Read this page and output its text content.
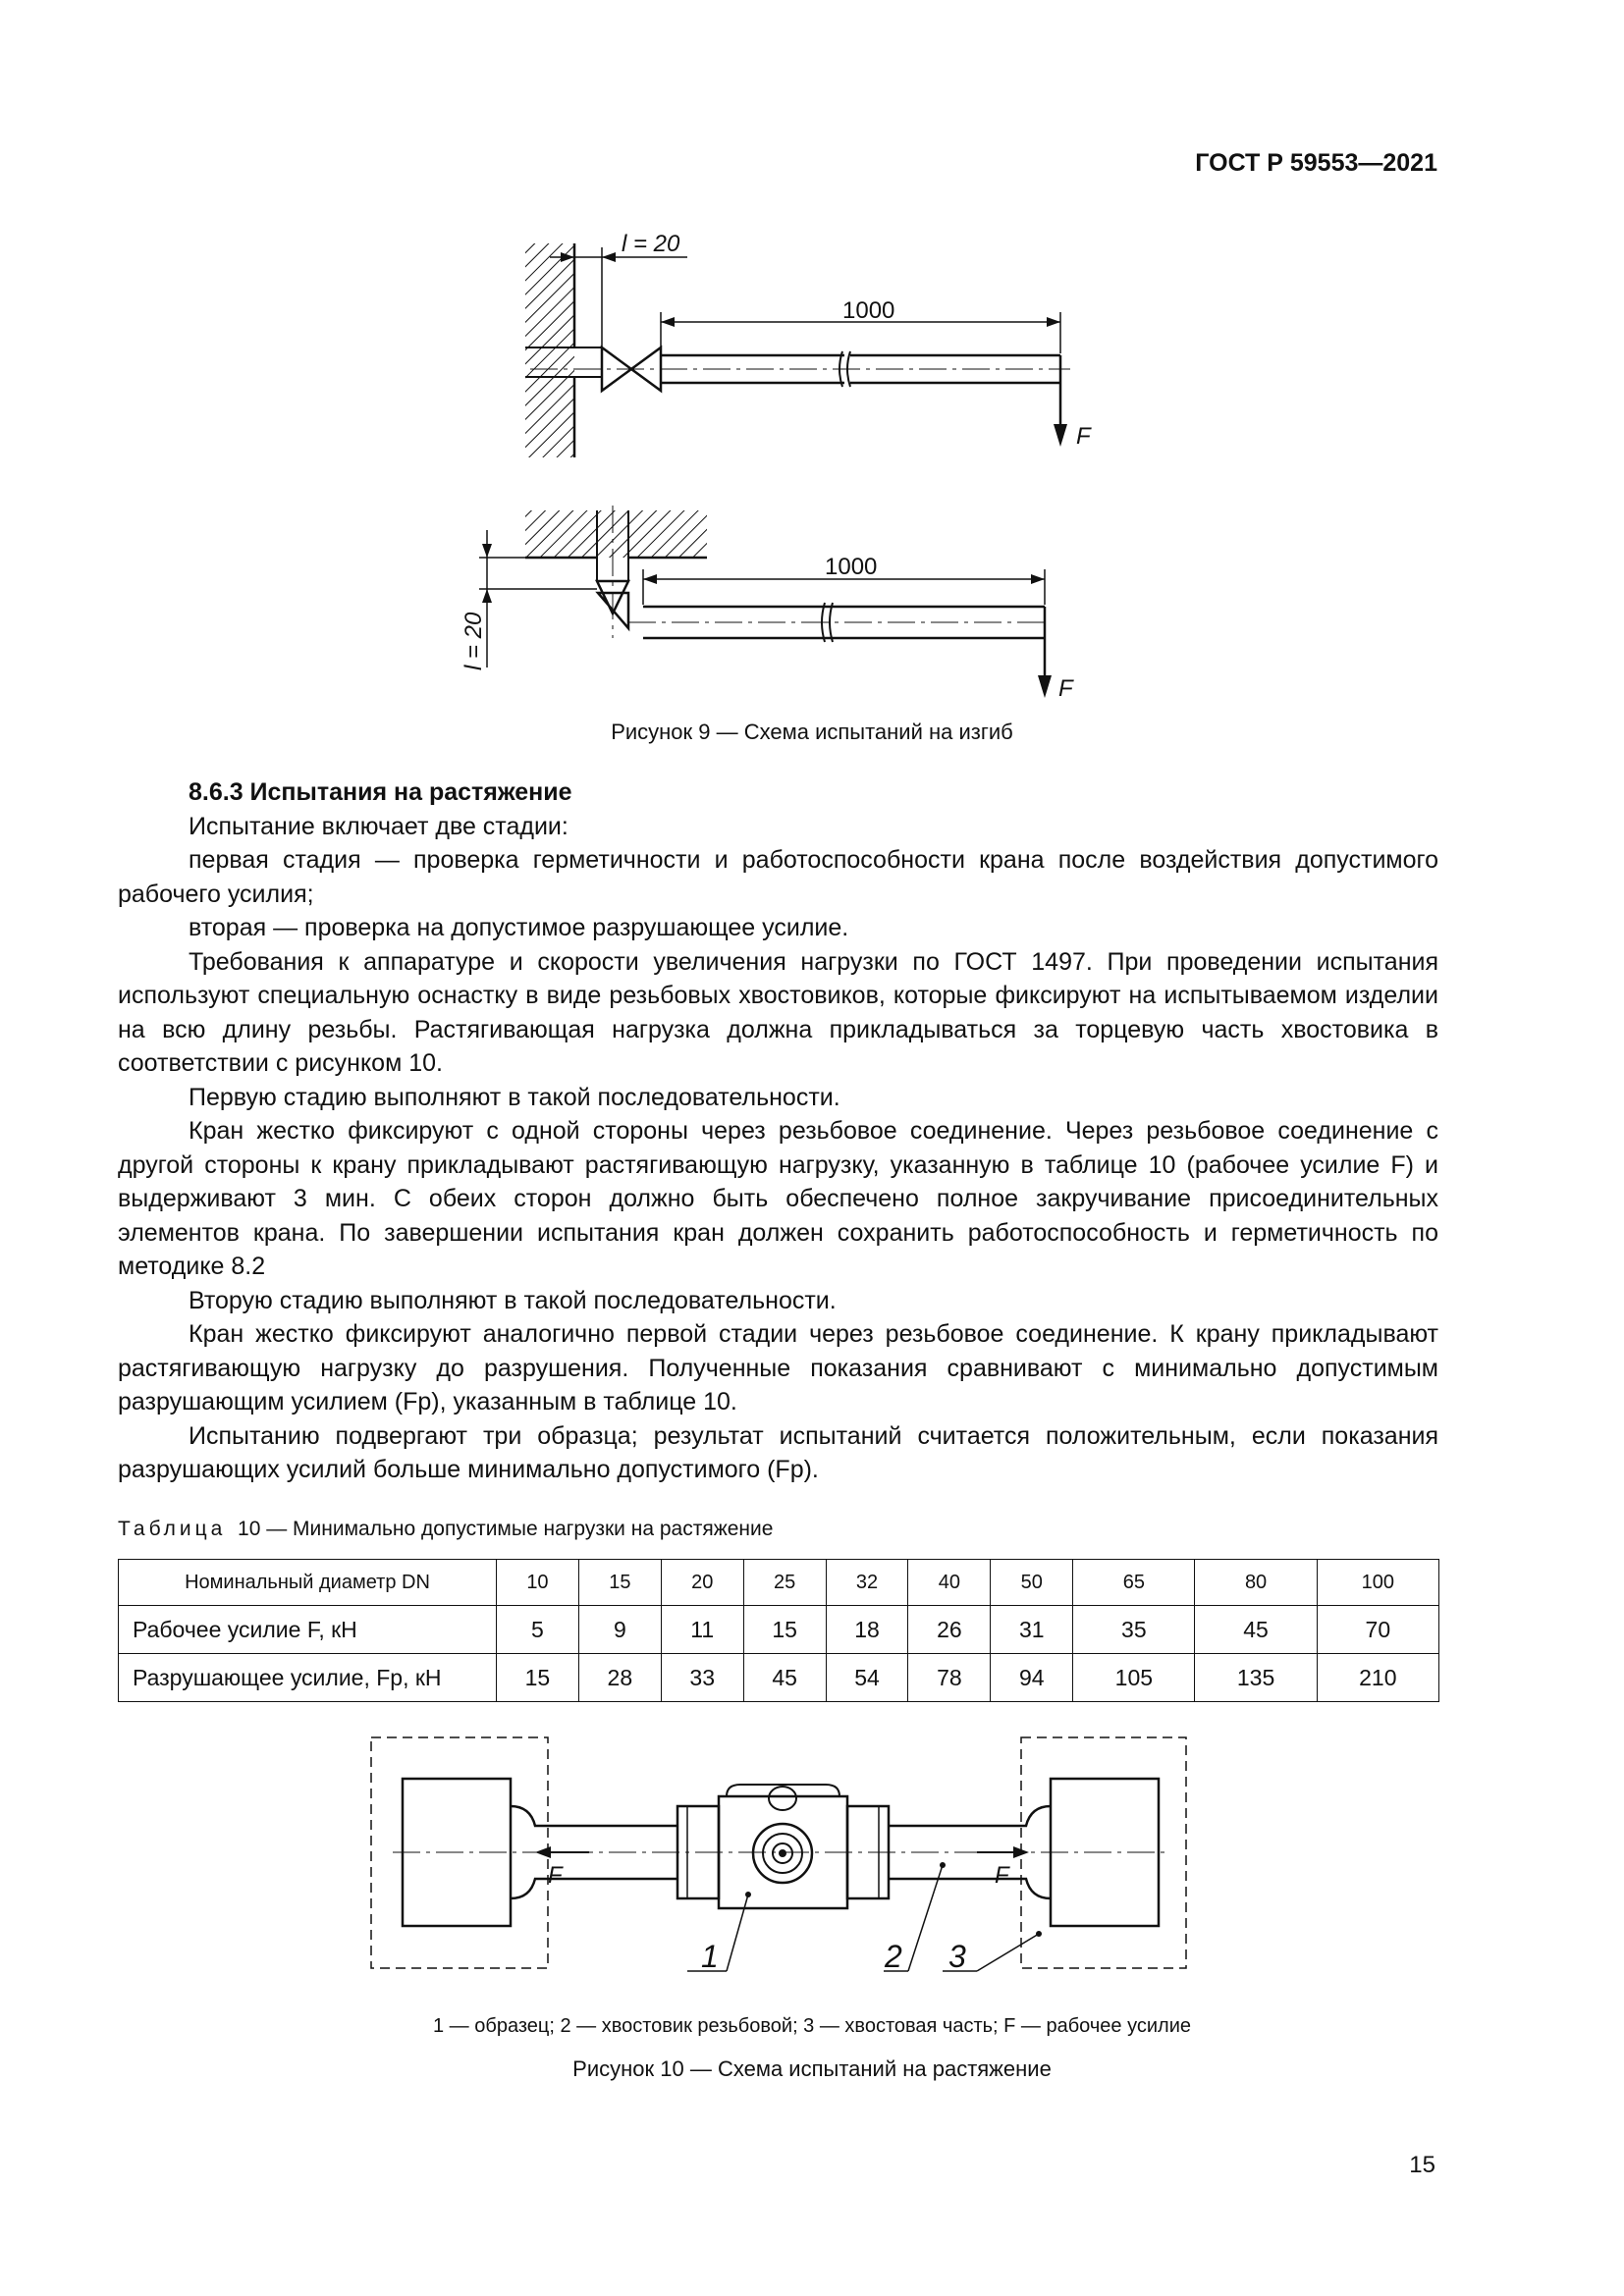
ГОСТ Р 59553—2021
F
1000
l = 20
F
1000
l = 20
Рисунок 9 — Схема испытаний на изгиб

8.6.3 Испытания на растяжение

Испытание включает две стадии:

первая стадия — проверка герметичности и работоспособности крана после воздействия допустимого рабочего усилия;

вторая — проверка на допустимое разрушающее усилие.

Требования к аппаратуре и скорости увеличения нагрузки по ГОСТ 1497. При проведении испытания используют специальную оснастку в виде резьбовых хвостовиков, которые фиксируют на испытываемом изделии на всю длину резьбы. Растягивающая нагрузка должна прикладываться за торцевую часть хвостовика в соответствии с рисунком 10.

Первую стадию выполняют в такой последовательности.

Кран жестко фиксируют с одной стороны через резьбовое соединение. Через резьбовое соединение с другой стороны к крану прикладывают растягивающую нагрузку, указанную в таблице 10 (рабочее усилие F) и выдерживают 3 мин. С обеих сторон должно быть обеспечено полное закручивание присоединительных элементов крана. По завершении испытания кран должен сохранить работоспособность и герметичность по методике 8.2

Вторую стадию выполняют в такой последовательности.

Кран жестко фиксируют аналогично первой стадии через резьбовое соединение. К крану прикладывают растягивающую нагрузку до разрушения. Полученные показания сравнивают с минимально допустимым разрушающим усилием (Fp), указанным в таблице 10.

Испытанию подвергают три образца; результат испытаний считается положительным, если показания разрушающих усилий больше минимально допустимого (Fp).

Таблица 10 — Минимально допустимые нагрузки на растяжение
Номинальный диаметр DN	10	15	20	25	32	40	50	65	80	100
Рабочее усилие F, кН	5	9	11	15	18	26	31	35	45	70
Разрушающее усилие, Fp, кН	15	28	33	45	54	78	94	105	135	210
F	F
1	2 3
1 — образец; 2 — хвостовик резьбовой; 3 — хвостовая часть; F — рабочее усилие
Рисунок 10 — Схема испытаний на растяжение
15
